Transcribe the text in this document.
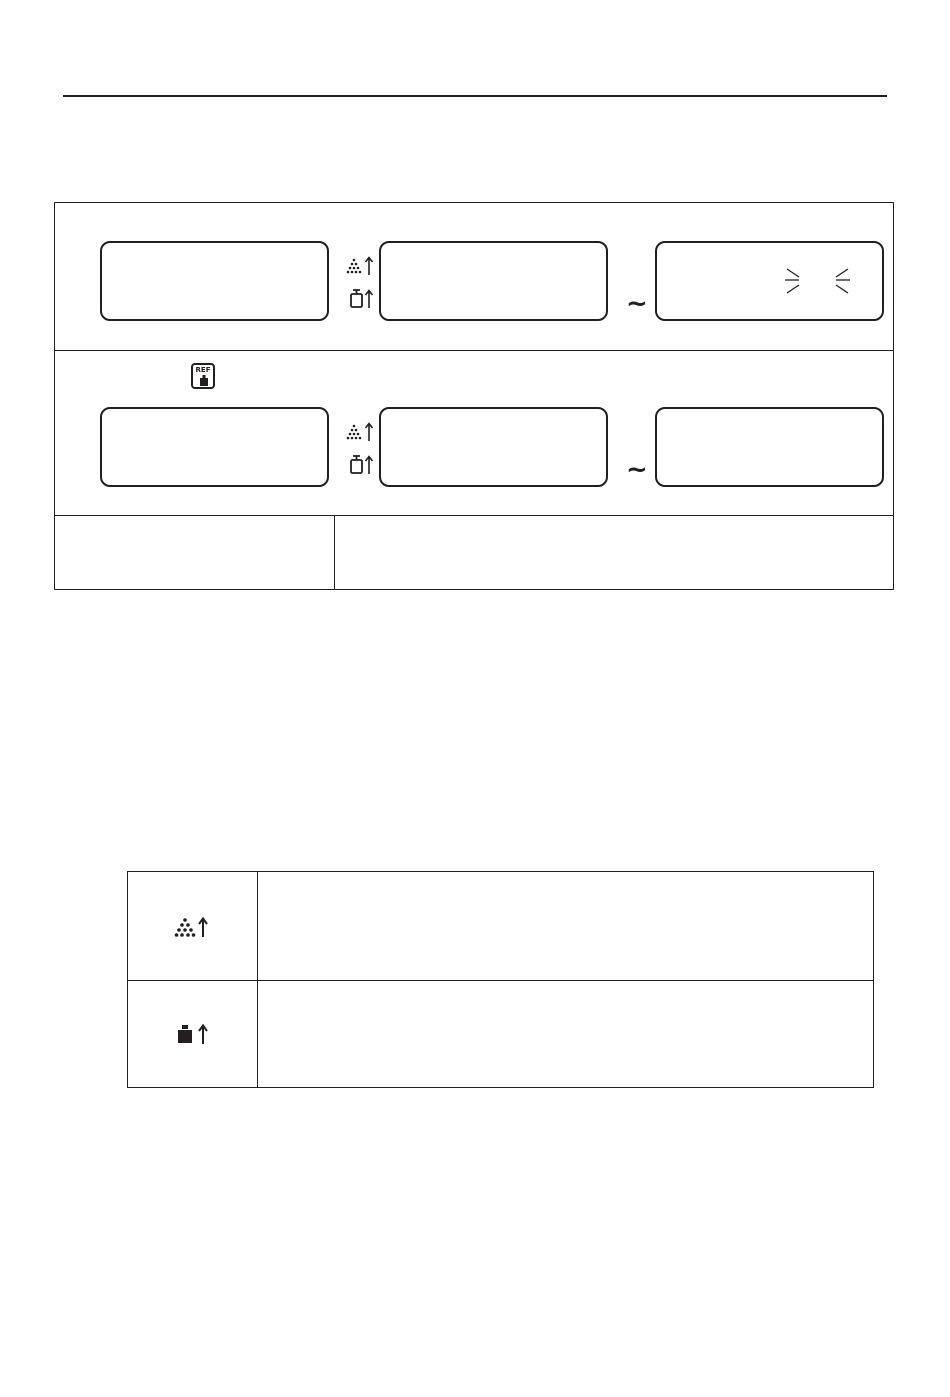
~
REF
~
